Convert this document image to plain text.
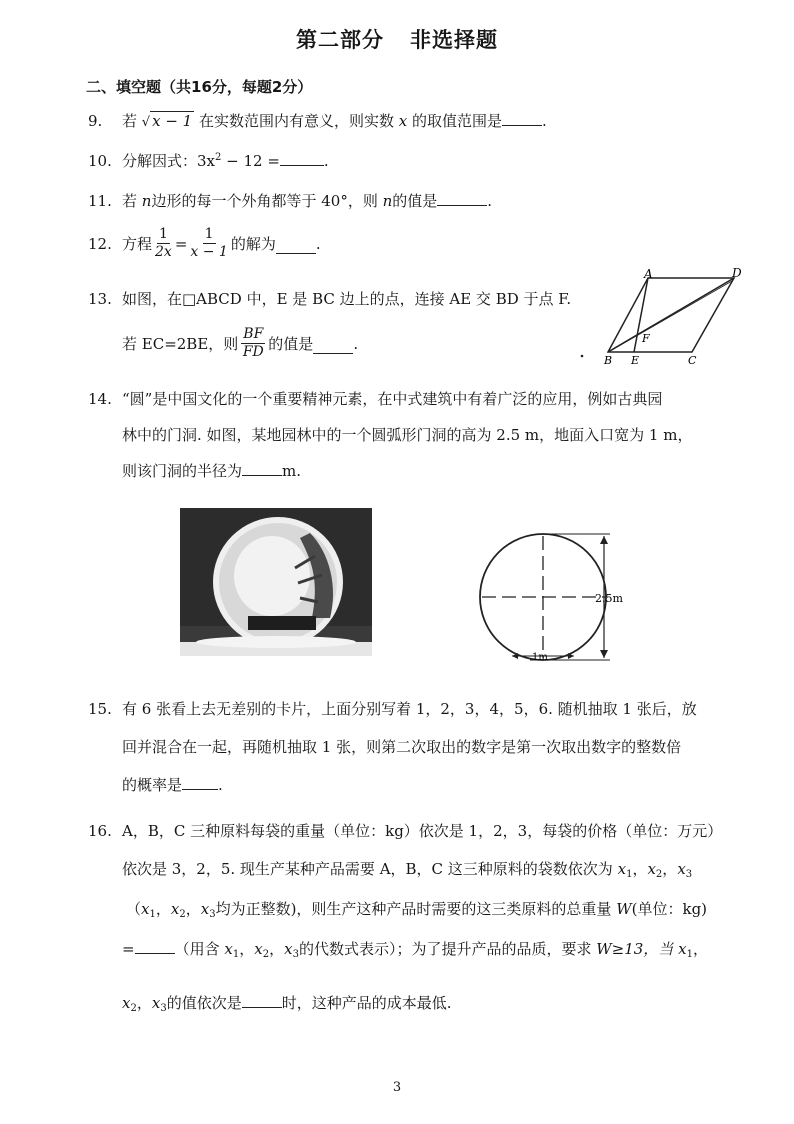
第二部分 非选择题
二、填空题（共16分，每题2分）
9. 若 √ x − 1 在实数范围内有意义，则实数 x 的取值范围是	.
10. 分解因式：$3x^2 - 12$ =	.
11. 若 n边形的每一个外角都等于 40°，则 n的值是	.
12. 方程 $\frac{1}{2x} = \frac{1}{x - 1}$ 的解为	.
13. 如图，在□ABCD 中，E 是 BC 边上的点，连接 AE 交 BD 于点 F.
若 EC=2BE，则 $\frac{BF}{FD}$ 的值是	.
A	D
F
B E	C
14. “圆”是中国文化的一个重要精神元素，在中式建筑中有着广泛的应用，例如古典园
林中的门洞. 如图，某地园林中的一个圆弧形门洞的高为 2.5 m，地面入口宽为 1 m，
则该门洞的半径为	m.
2.5m
1m
15. 有 6 张看上去无差别的卡片，上面分别写着 1，2，3，4，5，6. 随机抽取 1 张后，放
回并混合在一起，再随机抽取 1 张，则第二次取出的数字是第一次取出数字的整数倍
的概率是 .
16. A，B，C 三种原料每袋的重量（单位：kg）依次是 1，2，3，每袋的价格（单位：万元）
依次是 3，2，5. 现生产某种产品需要 A，B，C 这三种原料的袋数依次为 $x_1$，$x_2$，$x_3$
（$x_1$，$x_2$，$x_3$均为正整数)，则生产这种产品时需要的这三类原料的总重量 W(单位：kg)
=	（用含 $x_1$，$x_2$，$x_3$的代数式表示）；为了提升产品的品质，要求 W≥13，当 $x_1$，
$x_2$，$x_3$的值依次是	时，这种产品的成本最低.
3
